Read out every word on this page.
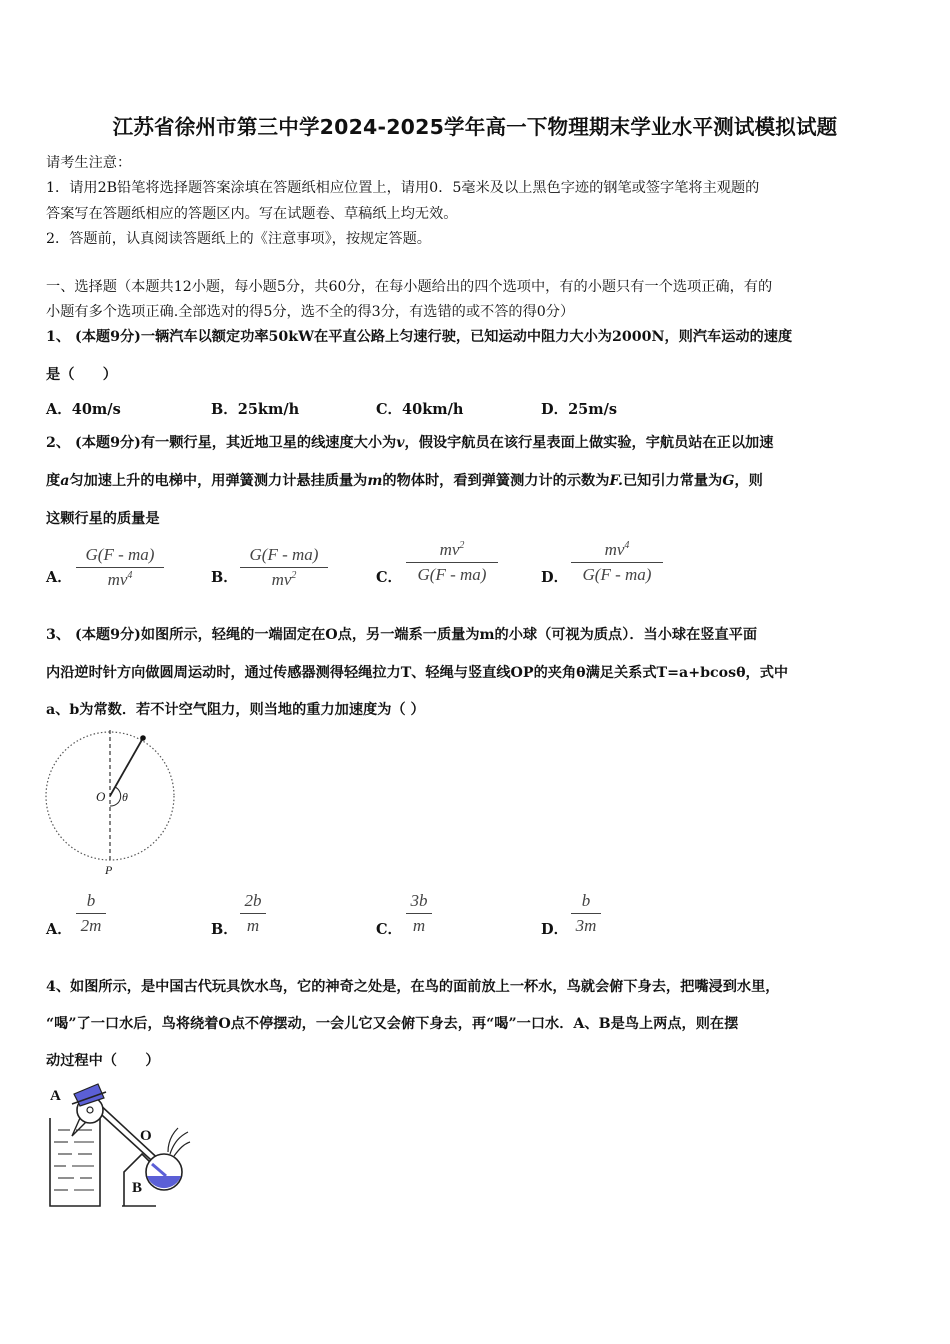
江苏省徐州市第三中学2024-2025学年高一下物理期末学业水平测试模拟试题
请考生注意：
1．请用2B铅笔将选择题答案涂填在答题纸相应位置上，请用0．5毫米及以上黑色字迹的钢笔或签字笔将主观题的
答案写在答题纸相应的答题区内。写在试题卷、草稿纸上均无效。
2．答题前，认真阅读答题纸上的《注意事项》，按规定答题。
一、选择题（本题共12小题，每小题5分，共60分，在每小题给出的四个选项中，有的小题只有一个选项正确，有的
小题有多个选项正确.全部选对的得5分，选不全的得3分，有选错的或不答的得0分）
1、 (本题9分)一辆汽车以额定功率50kW在平直公路上匀速行驶，已知运动中阻力大小为2000N，则汽车运动的速度
是（　　）
A．40m/s	B．25km/h	C．40km/h	D．25m/s
2、 (本题9分)有一颗行星，其近地卫星的线速度大小为v，假设宇航员在该行星表面上做实验，宇航员站在正以加速
度a匀加速上升的电梯中，用弹簧测力计悬挂质量为m的物体时，看到弹簧测力计的示数为F.已知引力常量为G，则
这颗行星的质量是
A． $\frac{G(F - ma)}{mv^4}$	B． $\frac{G(F - ma)}{mv^2}$	C． $\frac{mv^2}{G(F - ma)}$	D． $\frac{mv^4}{G(F - ma)}$
3、 (本题9分)如图所示，轻绳的一端固定在O点，另一端系一质量为m的小球（可视为质点）．当小球在竖直平面
内沿逆时针方向做圆周运动时，通过传感器测得轻绳拉力T、轻绳与竖直线OP的夹角θ满足关系式T=a+bcosθ，式中
a、b为常数．若不计空气阻力，则当地的重力加速度为（ ）
O θ
P
A． $\frac{b}{2m}$	B． $\frac{2b}{m}$	C． $\frac{3b}{m}$	D． $\frac{b}{3m}$
4、如图所示，是中国古代玩具饮水鸟，它的神奇之处是，在鸟的面前放上一杯水，鸟就会俯下身去，把嘴浸到水里，
“喝”了一口水后，鸟将绕着O点不停摆动，一会儿它又会俯下身去，再“喝”一口水．A、B是鸟上两点，则在摆
动过程中（　　）
A
O
B
